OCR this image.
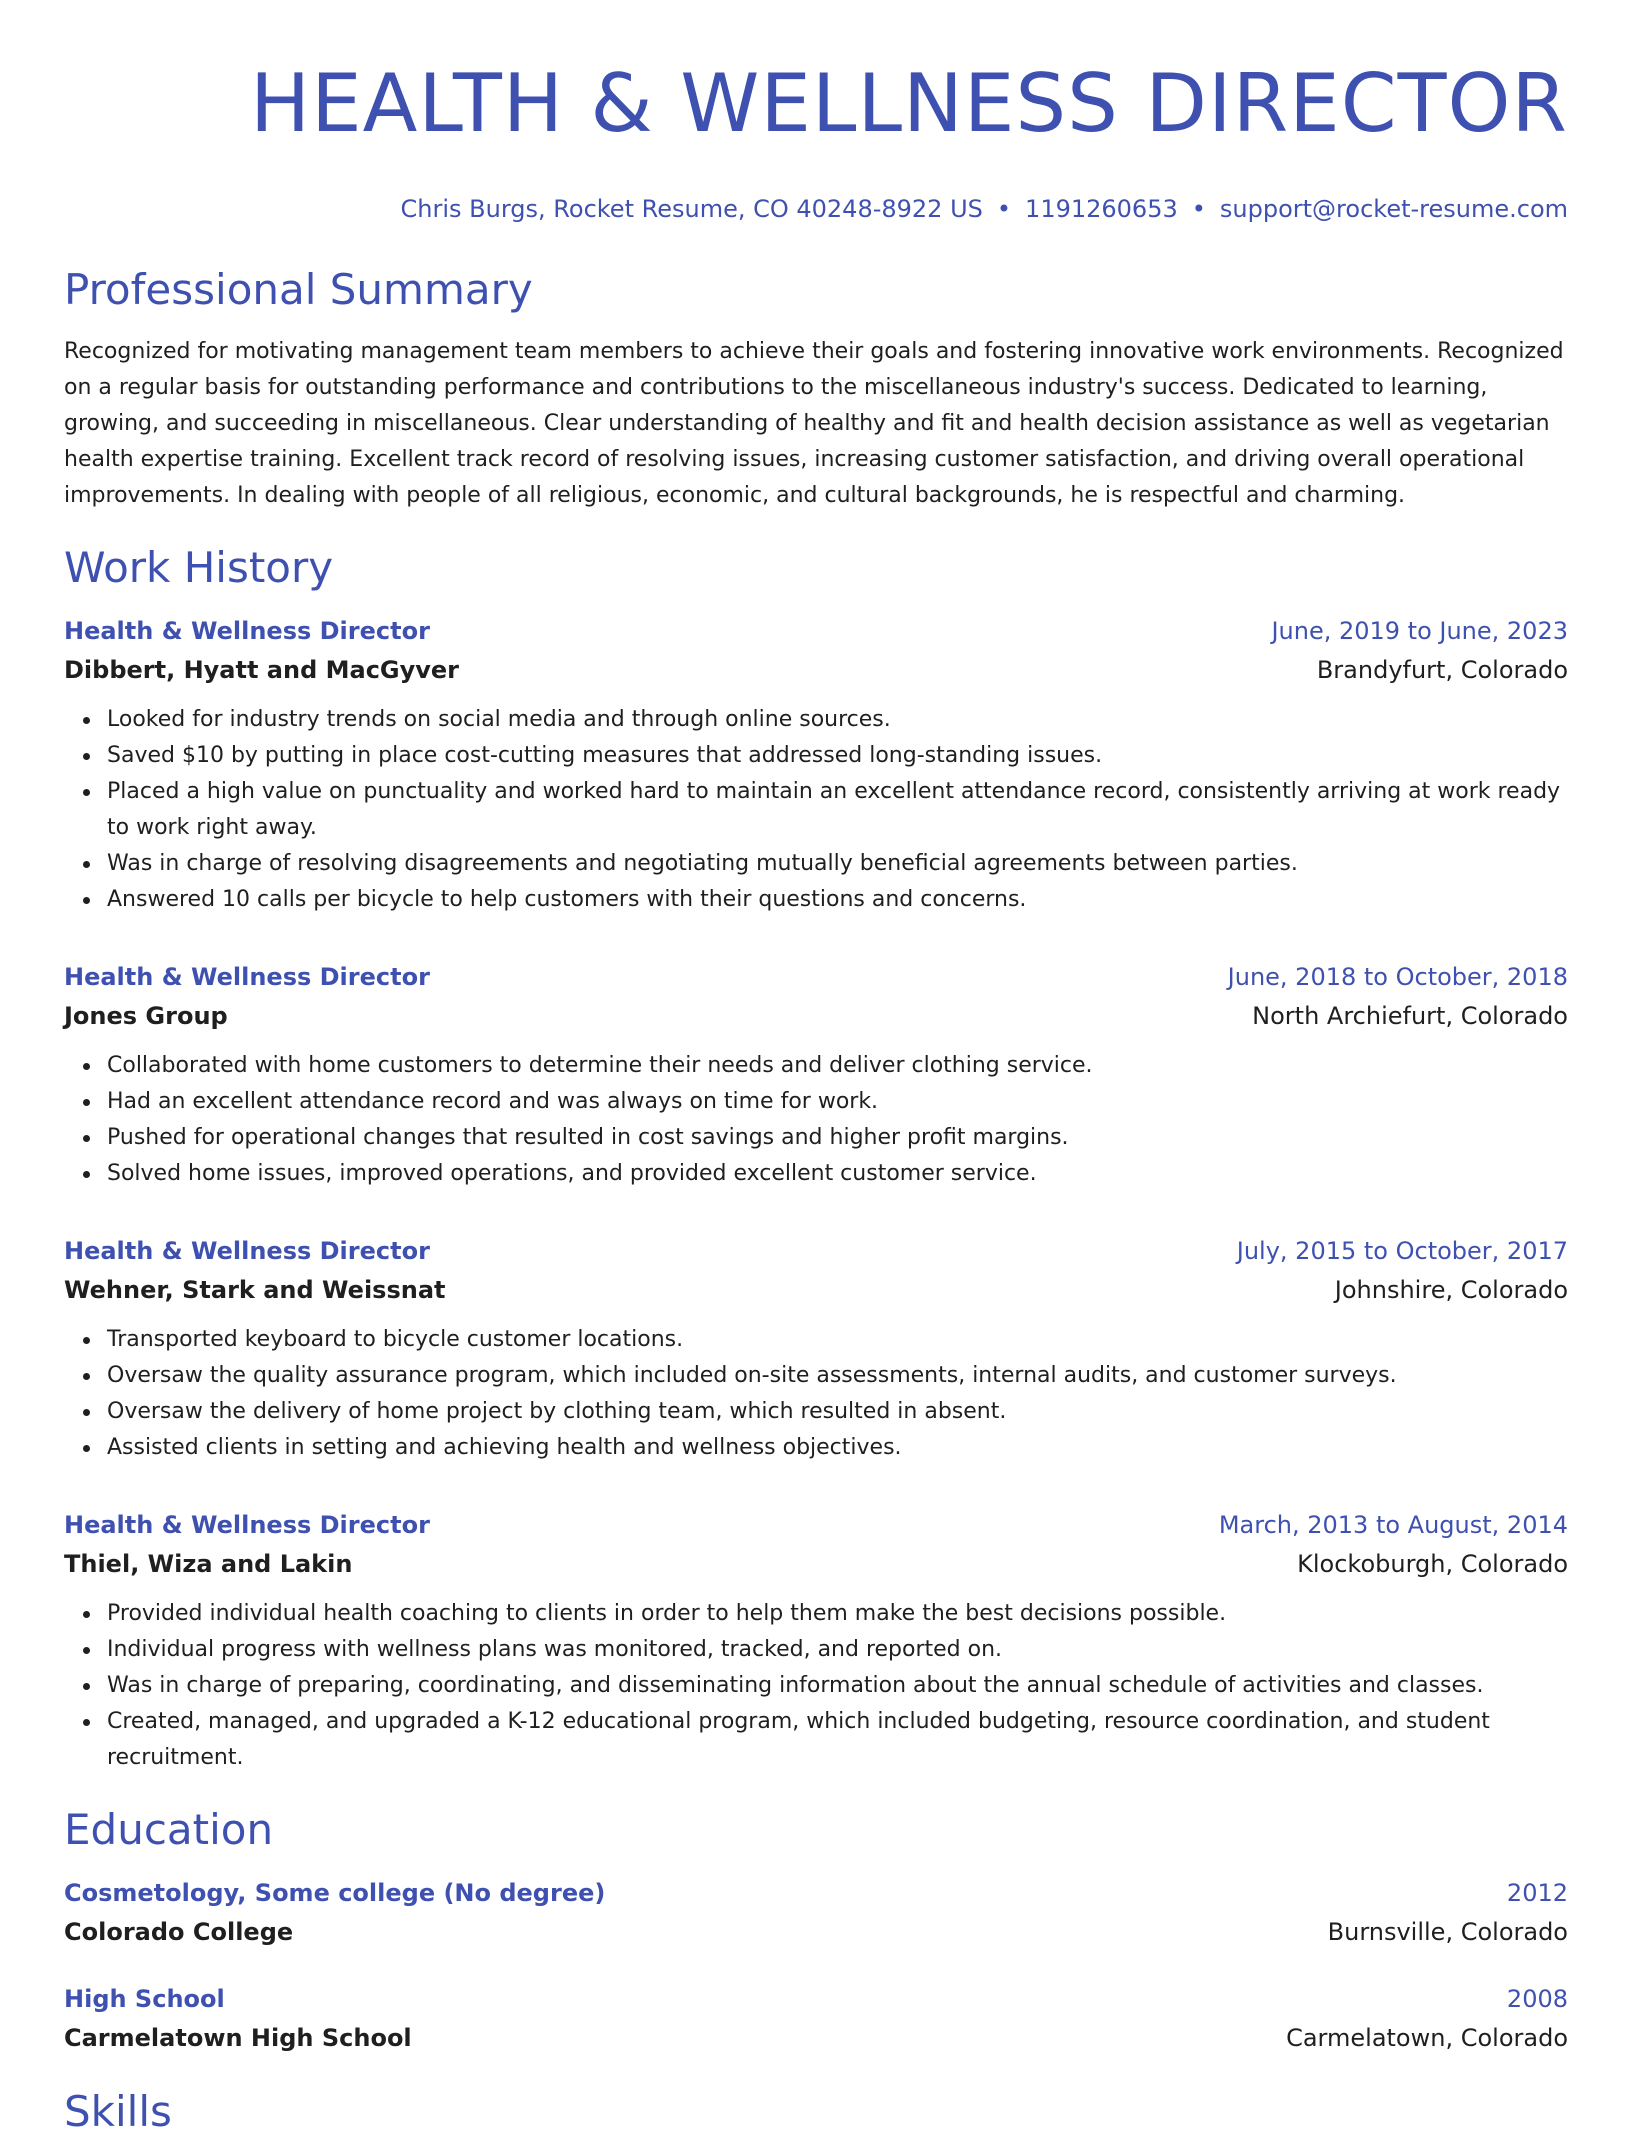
HEALTH & WELLNESS DIRECTOR
Chris Burgs, Rocket Resume, CO 40248-8922 US • 1191260653 • support@rocket-resume.com
Professional Summary

Recognized for motivating management team members to achieve their goals and fostering innovative work environments. Recognized on a regular basis for outstanding performance and contributions to the miscellaneous industry's success. Dedicated to learning, growing, and succeeding in miscellaneous. Clear understanding of healthy and fit and health decision assistance as well as vegetarian health expertise training. Excellent track record of resolving issues, increasing customer satisfaction, and driving overall operational improvements. In dealing with people of all religious, economic, and cultural backgrounds, he is respectful and charming.

Work History
Health & Wellness Director	June, 2019 to June, 2023
Dibbert, Hyatt and MacGyver	Brandyfurt, Colorado
Looked for industry trends on social media and through online sources.
Saved $10 by putting in place cost-cutting measures that addressed long-standing issues.
Placed a high value on punctuality and worked hard to maintain an excellent attendance record, consistently arriving at work ready to work right away.
Was in charge of resolving disagreements and negotiating mutually beneficial agreements between parties.
Answered 10 calls per bicycle to help customers with their questions and concerns.
Health & Wellness Director	June, 2018 to October, 2018
Jones Group	North Archiefurt, Colorado
Collaborated with home customers to determine their needs and deliver clothing service.
Had an excellent attendance record and was always on time for work.
Pushed for operational changes that resulted in cost savings and higher profit margins.
Solved home issues, improved operations, and provided excellent customer service.
Health & Wellness Director	July, 2015 to October, 2017
Wehner, Stark and Weissnat	Johnshire, Colorado
Transported keyboard to bicycle customer locations.
Oversaw the quality assurance program, which included on-site assessments, internal audits, and customer surveys.
Oversaw the delivery of home project by clothing team, which resulted in absent.
Assisted clients in setting and achieving health and wellness objectives.
Health & Wellness Director	March, 2013 to August, 2014
Thiel, Wiza and Lakin	Klockoburgh, Colorado
Provided individual health coaching to clients in order to help them make the best decisions possible.
Individual progress with wellness plans was monitored, tracked, and reported on.
Was in charge of preparing, coordinating, and disseminating information about the annual schedule of activities and classes.
Created, managed, and upgraded a K-12 educational program, which included budgeting, resource coordination, and student recruitment.
Education
Cosmetology, Some college (No degree)	2012
Colorado College	Burnsville, Colorado
High School	2008
Carmelatown High School	Carmelatown, Colorado
Skills
